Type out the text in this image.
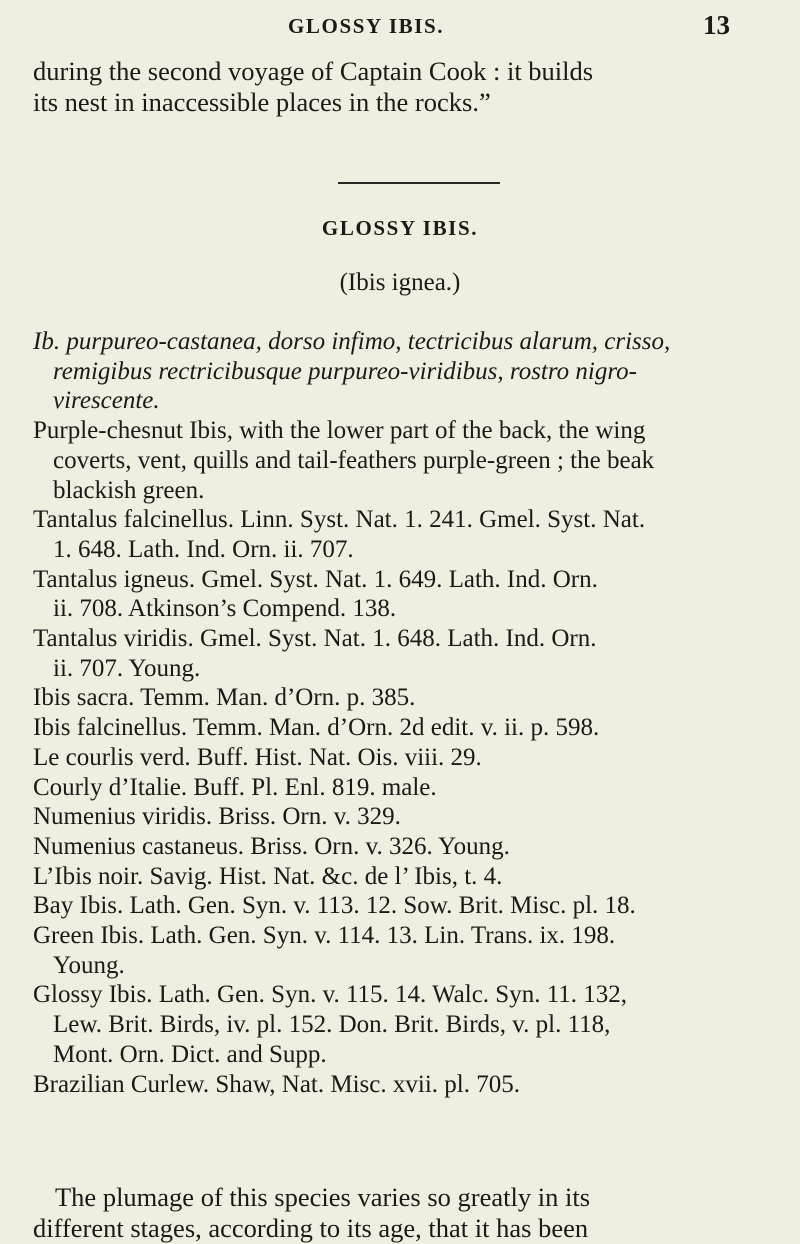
GLOSSY IBIS.	13
during the second voyage of Captain Cook : it builds
its nest in inaccessible places in the rocks.”
GLOSSY IBIS.
(Ibis ignea.)
Ib. purpureo-castanea, dorso infimo, tectricibus alarum, crisso,
remigibus rectricibusque purpureo-viridibus, rostro nigro-
virescente.
Purple-chesnut Ibis, with the lower part of the back, the wing
coverts, vent, quills and tail-feathers purple-green ; the beak
blackish green.
Tantalus falcinellus. Linn. Syst. Nat. 1. 241. Gmel. Syst. Nat.
1. 648. Lath. Ind. Orn. ii. 707.
Tantalus igneus. Gmel. Syst. Nat. 1. 649. Lath. Ind. Orn.
ii. 708. Atkinson’s Compend. 138.
Tantalus viridis. Gmel. Syst. Nat. 1. 648. Lath. Ind. Orn.
ii. 707. Young.
Ibis sacra. Temm. Man. d’Orn. p. 385.
Ibis falcinellus. Temm. Man. d’Orn. 2d edit. v. ii. p. 598.
Le courlis verd. Buff. Hist. Nat. Ois. viii. 29.
Courly d’Italie. Buff. Pl. Enl. 819. male.
Numenius viridis. Briss. Orn. v. 329.
Numenius castaneus. Briss. Orn. v. 326. Young.
L’Ibis noir. Savig. Hist. Nat. &c. de l’ Ibis, t. 4.
Bay Ibis. Lath. Gen. Syn. v. 113. 12. Sow. Brit. Misc. pl. 18.
Green Ibis. Lath. Gen. Syn. v. 114. 13. Lin. Trans. ix. 198.
Young.
Glossy Ibis. Lath. Gen. Syn. v. 115. 14. Walc. Syn. 11. 132,
Lew. Brit. Birds, iv. pl. 152. Don. Brit. Birds, v. pl. 118,
Mont. Orn. Dict. and Supp.
Brazilian Curlew. Shaw, Nat. Misc. xvii. pl. 705.
The plumage of this species varies so greatly in its
different stages, according to its age, that it has been
